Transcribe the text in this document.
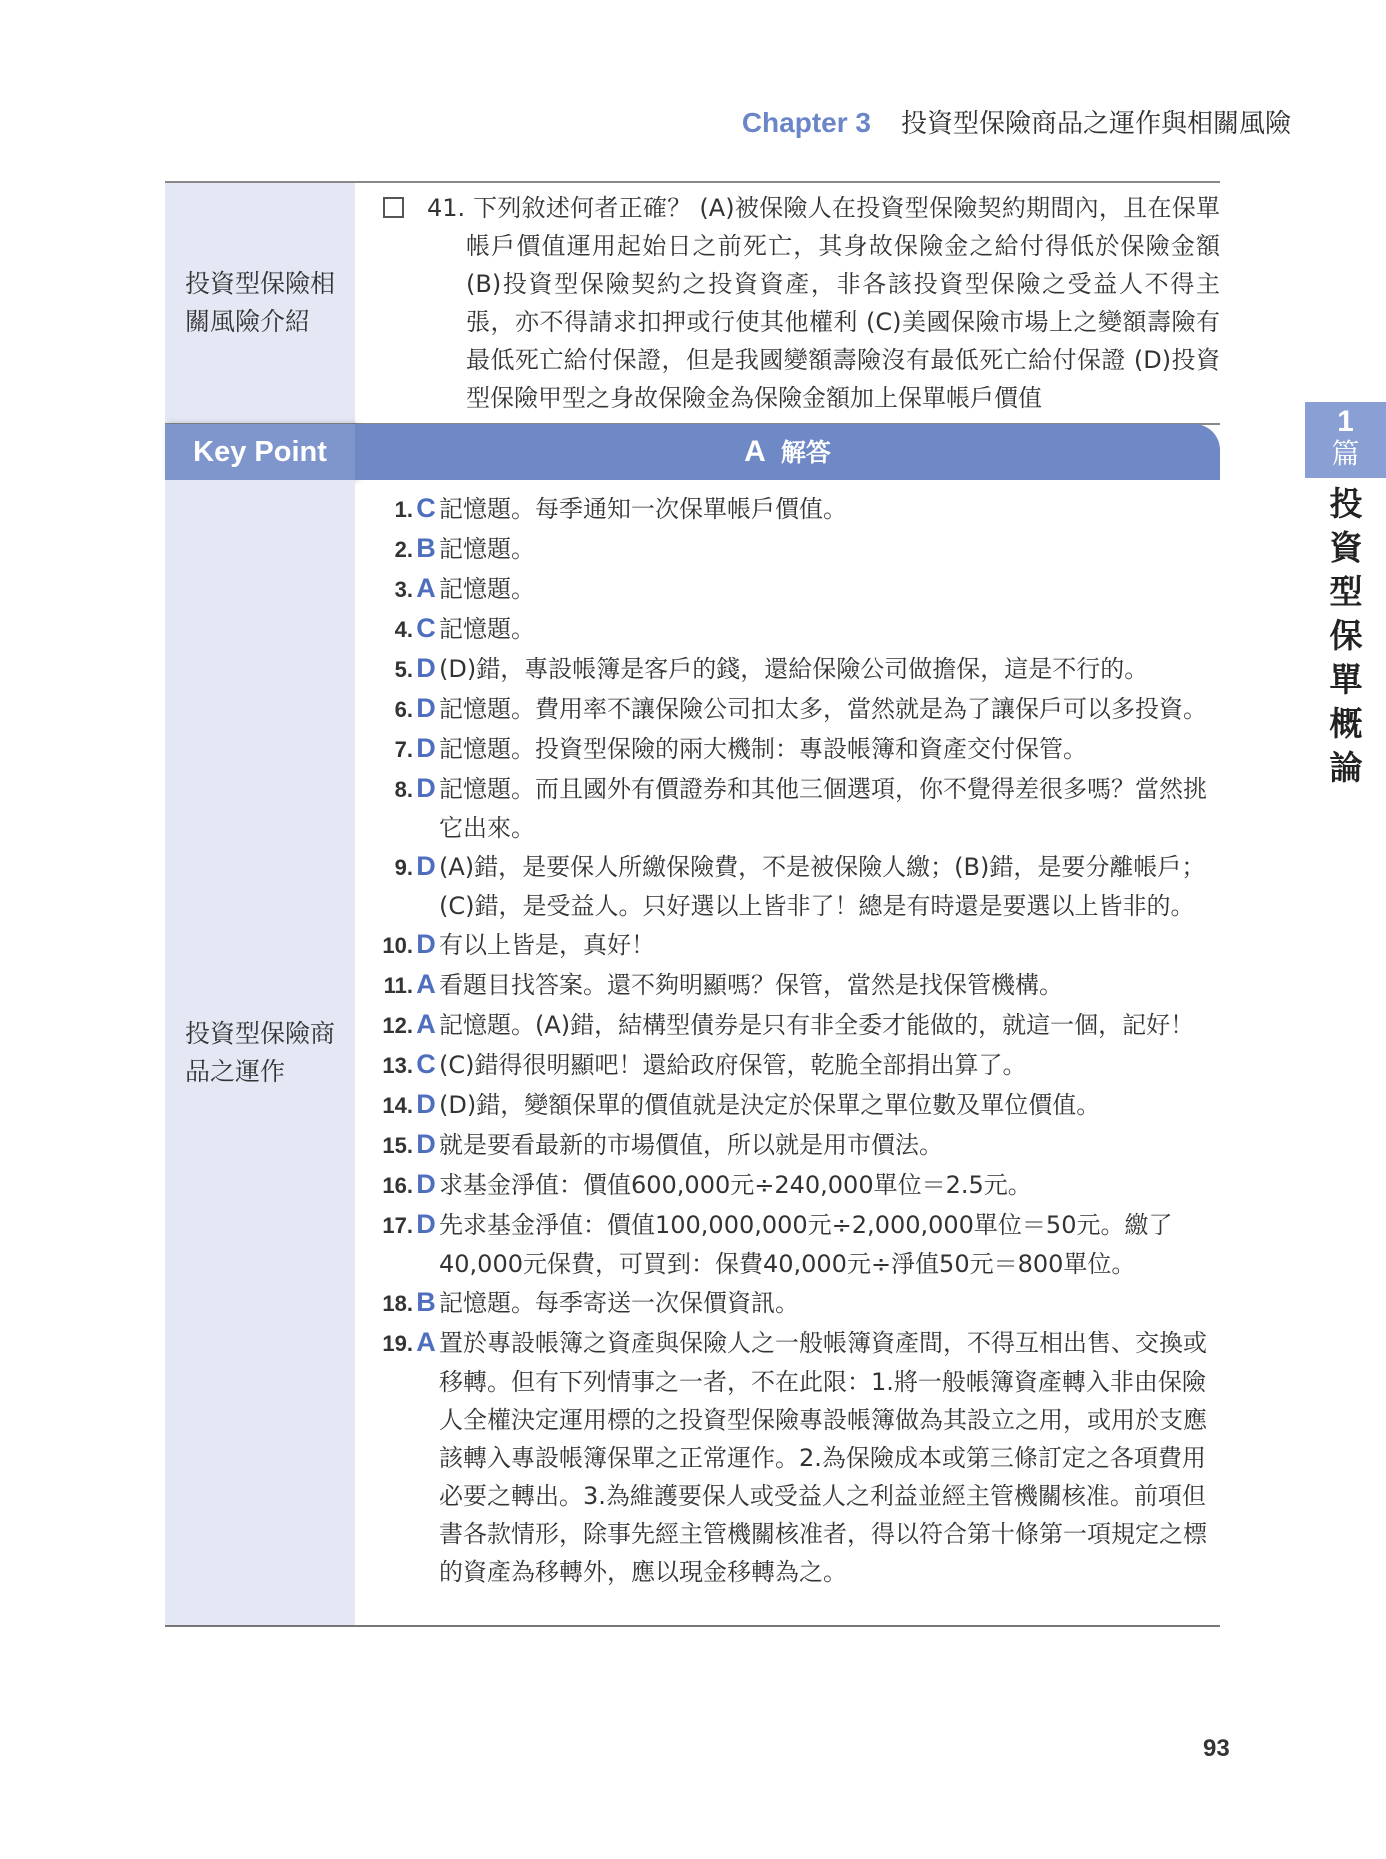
Chapter 3 投資型保險商品之運作與相關風險
1
篇
投資型保單概論
投資型保險相關風險介紹
41. 下列敘述何者正確？ (A)被保險人在投資型保險契約期間內，且在保單帳戶價值運用起始日之前死亡，其身故保險金之給付得低於保險金額 (B)投資型保險契約之投資資產，非各該投資型保險之受益人不得主張，亦不得請求扣押或行使其他權利 (C)美國保險市場上之變額壽險有最低死亡給付保證，但是我國變額壽險沒有最低死亡給付保證 (D)投資型保險甲型之身故保險金為保險金額加上保單帳戶價值
Key Point	A 解答
投資型保險商品之運作
1. C 記憶題。每季通知一次保單帳戶價值。
2. B 記憶題。
3. A 記憶題。
4. C 記憶題。
5. D (D)錯，專設帳簿是客戶的錢，還給保險公司做擔保，這是不行的。
6. D 記憶題。費用率不讓保險公司扣太多，當然就是為了讓保戶可以多投資。
7. D 記憶題。投資型保險的兩大機制：專設帳簿和資產交付保管。
8. D 記憶題。而且國外有價證券和其他三個選項，你不覺得差很多嗎？當然挑它出來。
9. D (A)錯，是要保人所繳保險費，不是被保險人繳；(B)錯，是要分離帳戶；(C)錯，是受益人。只好選以上皆非了！總是有時還是要選以上皆非的。
10. D 有以上皆是，真好！
11. A 看題目找答案。還不夠明顯嗎？保管，當然是找保管機構。
12. A 記憶題。(A)錯，結構型債券是只有非全委才能做的，就這一個，記好！
13. C (C)錯得很明顯吧！還給政府保管，乾脆全部捐出算了。
14. D (D)錯，變額保單的價值就是決定於保單之單位數及單位價值。
15. D 就是要看最新的市場價值，所以就是用市價法。
16. D 求基金淨值：價值600,000元÷240,000單位＝2.5元。
17. D 先求基金淨值：價值100,000,000元÷2,000,000單位＝50元。繳了40,000元保費，可買到：保費40,000元÷淨值50元＝800單位。
18. B 記憶題。每季寄送一次保價資訊。
19. A 置於專設帳簿之資產與保險人之一般帳簿資產間，不得互相出售、交換或移轉。但有下列情事之一者，不在此限：1.將一般帳簿資產轉入非由保險人全權決定運用標的之投資型保險專設帳簿做為其設立之用，或用於支應該轉入專設帳簿保單之正常運作。2.為保險成本或第三條訂定之各項費用必要之轉出。3.為維護要保人或受益人之利益並經主管機關核准。前項但書各款情形，除事先經主管機關核准者，得以符合第十條第一項規定之標的資產為移轉外，應以現金移轉為之。
93
